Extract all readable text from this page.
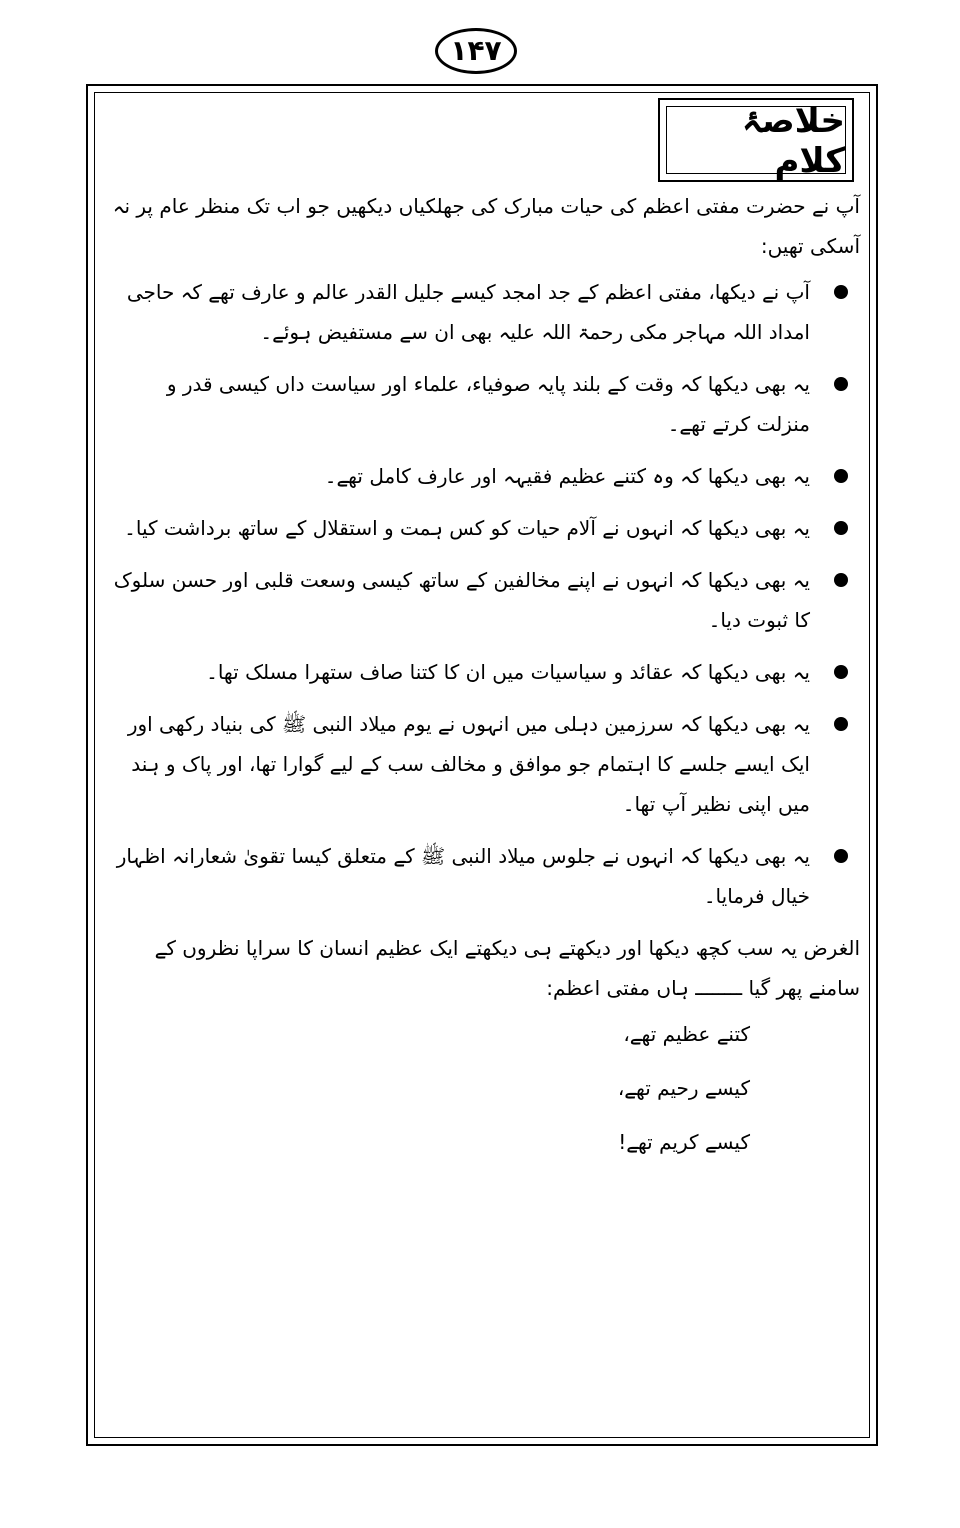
۱۴۷
خلاصۂ کلام

آپ نے حضرت مفتی اعظم کی حیات مبارک کی جھلکیاں دیکھیں جو اب تک منظر عام پر نہ آسکی تھیں:

آپ نے دیکھا، مفتی اعظم کے جد امجد کیسے جلیل القدر عالم و عارف تھے کہ حاجی امداد اللہ مہاجر مکی رحمۃ اللہ علیہ بھی ان سے مستفیض ہوئے۔
یہ بھی دیکھا کہ وقت کے بلند پایہ صوفیاء، علماء اور سیاست داں کیسی قدر و منزلت کرتے تھے۔
یہ بھی دیکھا کہ وہ کتنے عظیم فقیہہ اور عارف کامل تھے۔
یہ بھی دیکھا کہ انہوں نے آلام حیات کو کس ہمت و استقلال کے ساتھ برداشت کیا۔
یہ بھی دیکھا کہ انہوں نے اپنے مخالفین کے ساتھ کیسی وسعت قلبی اور حسن سلوک کا ثبوت دیا۔
یہ بھی دیکھا کہ عقائد و سیاسیات میں ان کا کتنا صاف ستھرا مسلک تھا۔
یہ بھی دیکھا کہ سرزمین دہلی میں انہوں نے یوم میلاد النبی ﷺ کی بنیاد رکھی اور ایک ایسے جلسے کا اہتمام جو موافق و مخالف سب کے لیے گوارا تھا، اور پاک و ہند میں اپنی نظیر آپ تھا۔
یہ بھی دیکھا کہ انہوں نے جلوس میلاد النبی ﷺ کے متعلق کیسا تقویٰ شعارانہ اظہار خیال فرمایا۔

الغرض یہ سب کچھ دیکھا اور دیکھتے ہی دیکھتے ایک عظیم انسان کا سراپا نظروں کے سامنے پھر گیا ــــــــ ہاں مفتی اعظم:

کتنے عظیم تھے،

کیسے رحیم تھے،

کیسے کریم تھے!
